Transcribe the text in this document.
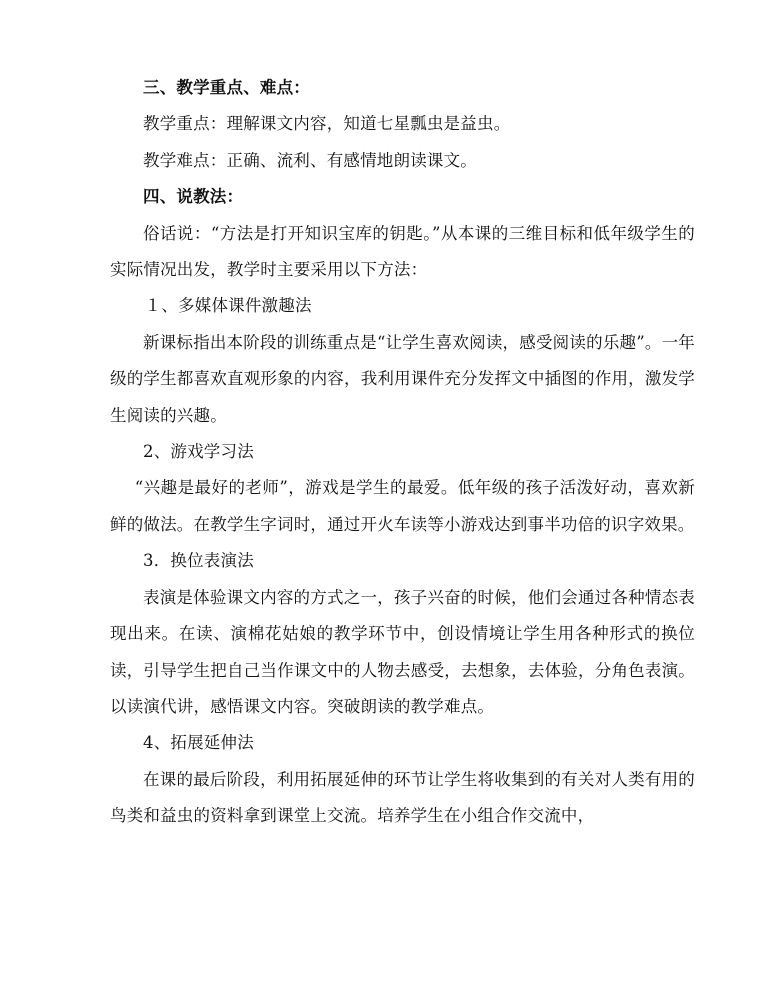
三、教学重点、难点：

教学重点：理解课文内容，知道七星瓢虫是益虫。

教学难点：正确、流利、有感情地朗读课文。

四、说教法：

俗话说：“方法是打开知识宝库的钥匙。”从本课的三维目标和低年级学生的实际情况出发，教学时主要采用以下方法：

１、多媒体课件激趣法

新课标指出本阶段的训练重点是“让学生喜欢阅读，感受阅读的乐趣”。一年级的学生都喜欢直观形象的内容，我利用课件充分发挥文中插图的作用，激发学生阅读的兴趣。

2、游戏学习法

“兴趣是最好的老师”，游戏是学生的最爱。低年级的孩子活泼好动，喜欢新鲜的做法。在教学生字词时，通过开火车读等小游戏达到事半功倍的识字效果。

3．换位表演法

表演是体验课文内容的方式之一，孩子兴奋的时候，他们会通过各种情态表现出来。在读、演棉花姑娘的教学环节中，创设情境让学生用各种形式的换位读，引导学生把自己当作课文中的人物去感受，去想象，去体验，分角色表演。以读演代讲，感悟课文内容。突破朗读的教学难点。

4、拓展延伸法

在课的最后阶段，利用拓展延伸的环节让学生将收集到的有关对人类有用的鸟类和益虫的资料拿到课堂上交流。培养学生在小组合作交流中，
